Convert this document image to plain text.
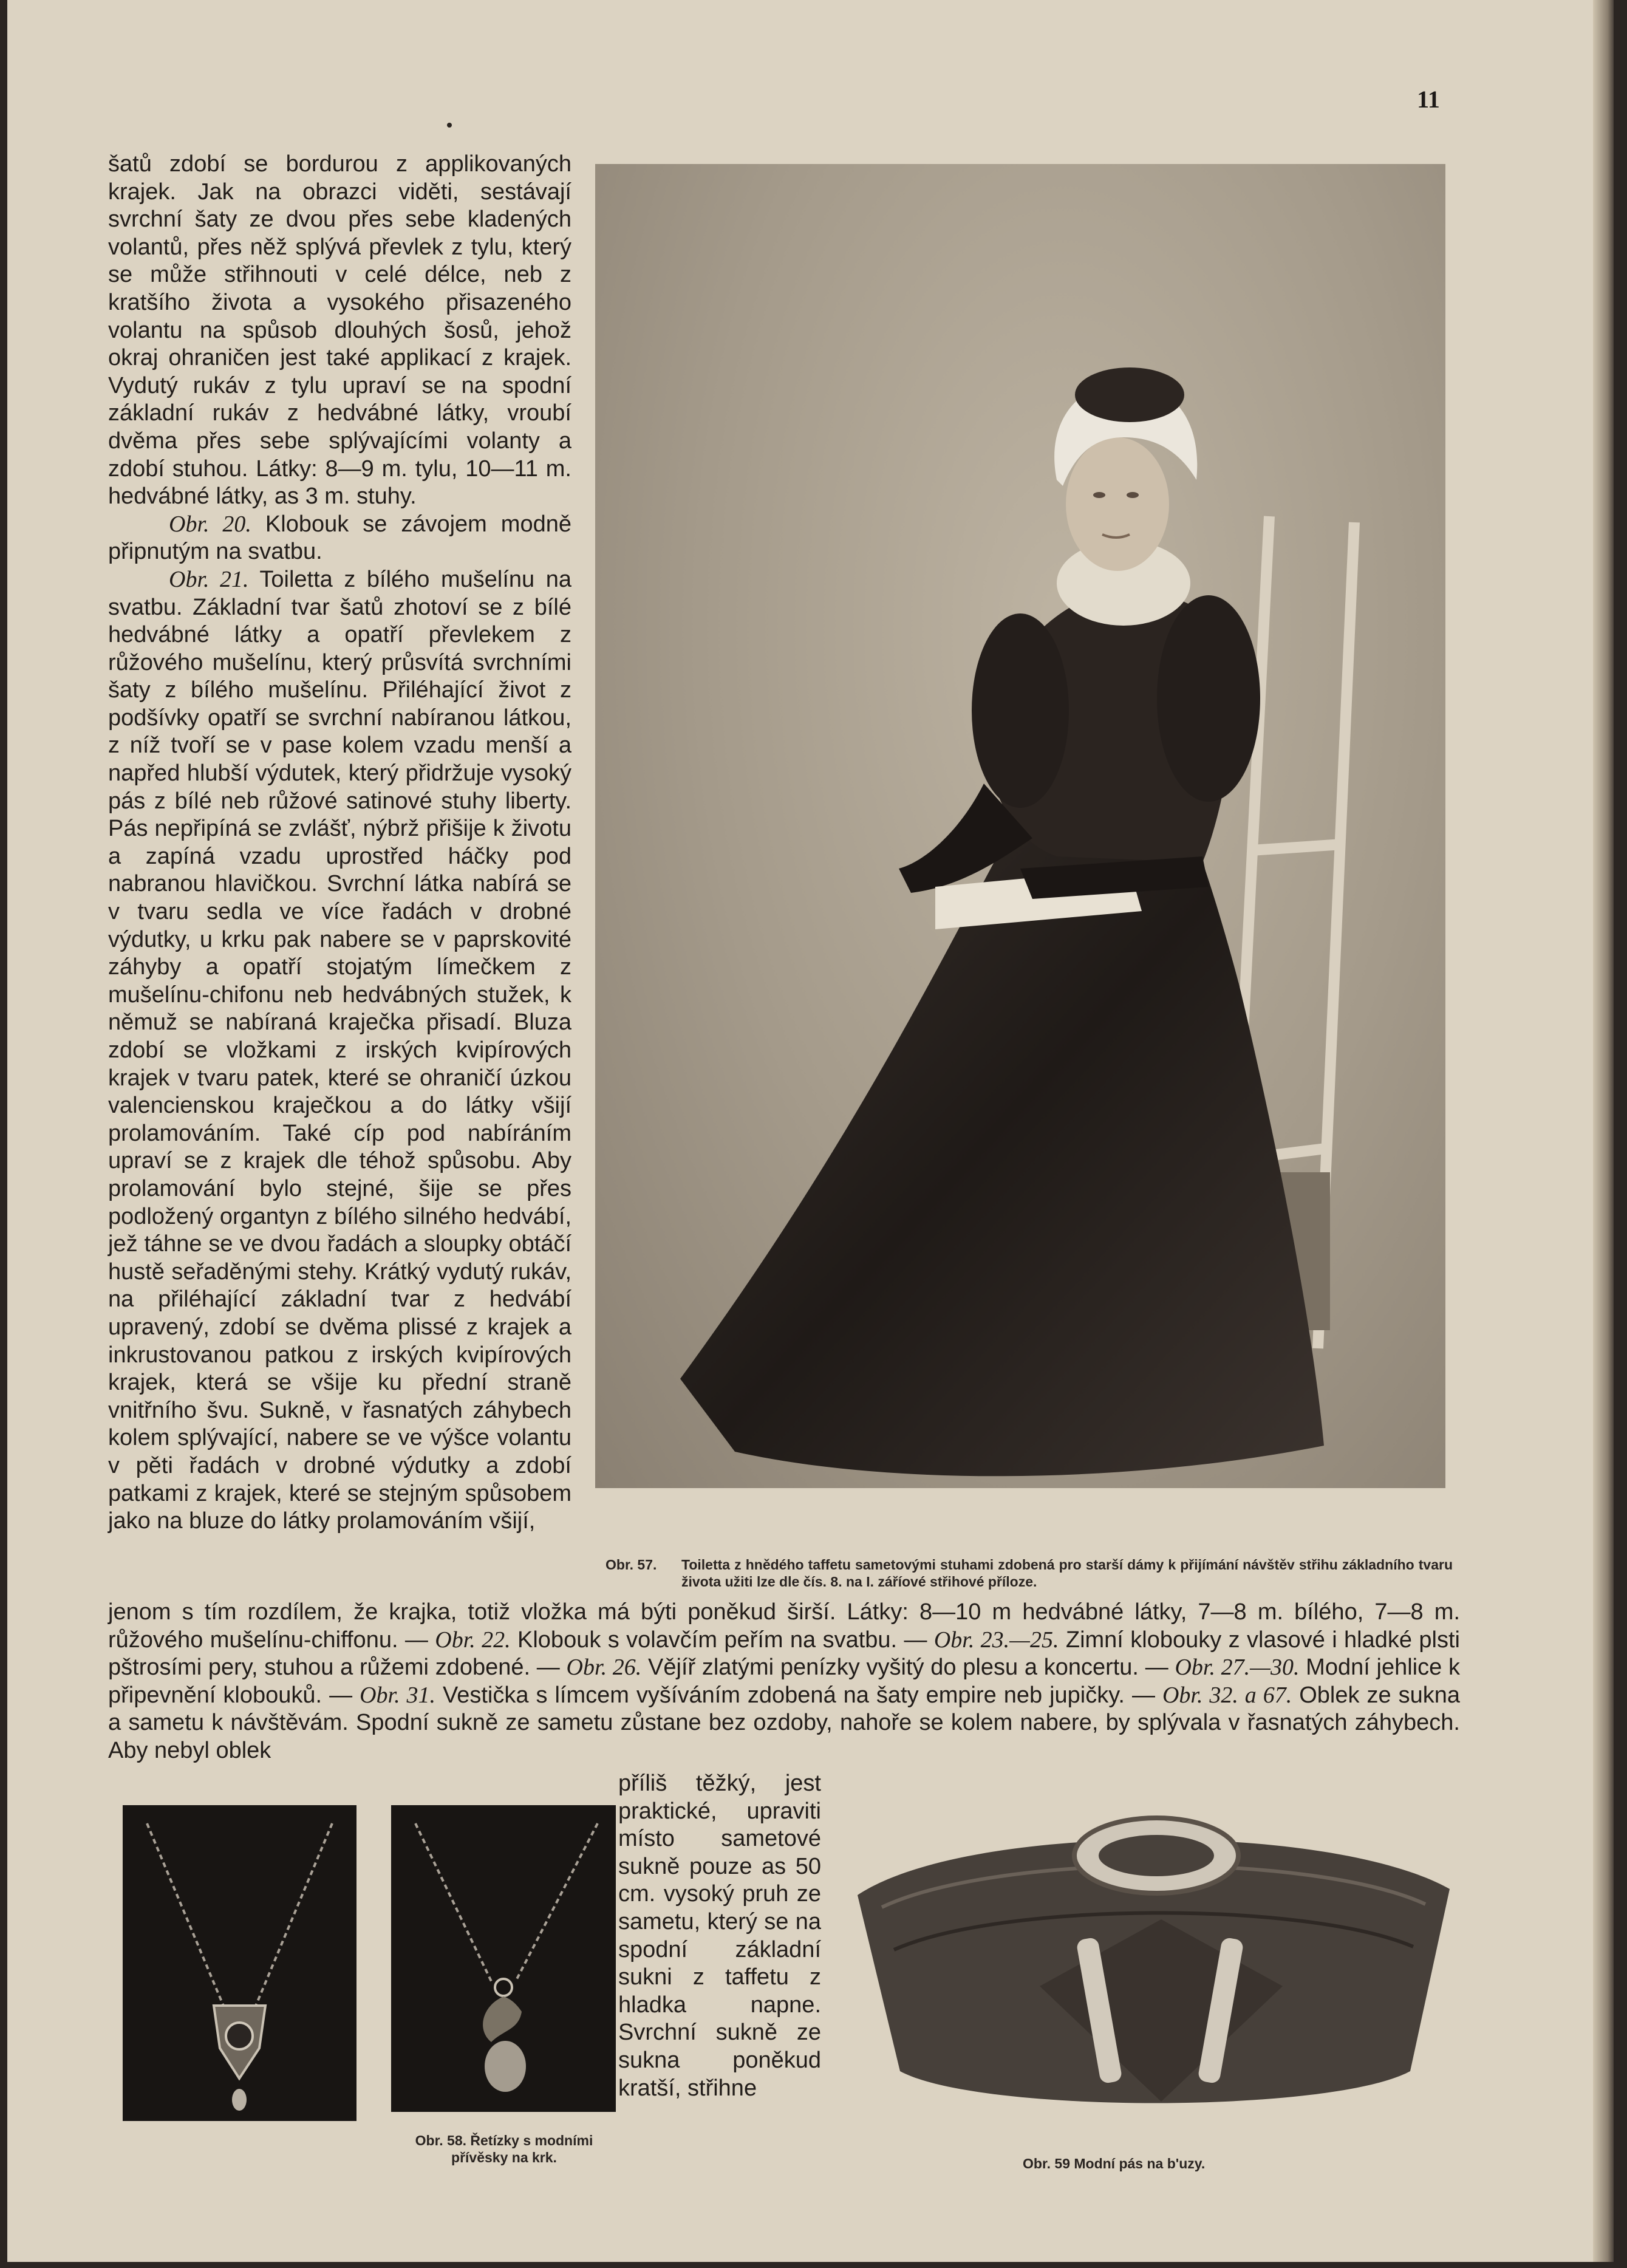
11

šatů zdobí se bordurou z applikovaných krajek. Jak na obrazci viděti, sestávají svrchní šaty ze dvou přes sebe kladených volantů, přes něž splývá převlek z tylu, který se může střihnouti v celé délce, neb z kratšího života a vysokého přisazeného volantu na spůsob dlouhých šosů, jehož okraj ohraničen jest také applikací z krajek. Vydutý rukáv z tylu upraví se na spodní základní rukáv z hedvábné látky, vroubí dvěma přes sebe splývajícími volanty a zdobí stuhou. Látky: 8—9 m. tylu, 10—11 m. hedvábné látky, as 3 m. stuhy.

Obr. 20. Klobouk se závojem modně připnutým na svatbu.

Obr. 21. Toiletta z bílého mušelínu na svatbu. Základní tvar šatů zhotoví se z bílé hedvábné látky a opatří převlekem z růžového mušelínu, který průsvítá svrchními šaty z bílého mušelínu. Přiléhající život z podšívky opatří se svrchní nabíranou látkou, z níž tvoří se v pase kolem vzadu menší a napřed hlubší výdutek, který přidržuje vysoký pás z bílé neb růžové satinové stuhy liberty. Pás nepřipíná se zvlášť, nýbrž přišije k životu a zapíná vzadu uprostřed háčky pod nabranou hlavičkou. Svrchní látka nabírá se v tvaru sedla ve více řadách v drobné výdutky, u krku pak nabere se v paprskovité záhyby a opatří stojatým límečkem z mušelínu-chifonu neb hedvábných stužek, k němuž se nabíraná kraječka přisadí. Bluza zdobí se vložkami z irských kvipírových krajek v tvaru patek, které se ohraničí úzkou valencienskou kraječkou a do látky všijí prolamováním. Také cíp pod nabíráním upraví se z krajek dle téhož spůsobu. Aby prolamování bylo stejné, šije se přes podložený organtyn z bílého silného hedvábí, jež táhne se ve dvou řadách a sloupky obtáčí hustě seřaděnými stehy. Krátký vydutý rukáv, na přiléhající základní tvar z hedvábí upravený, zdobí se dvěma plissé z krajek a inkrustovanou patkou z irských kvipírových krajek, která se všije ku přední straně vnitřního švu. Sukně, v řasnatých záhybech kolem splývající, nabere se ve výšce volantu v pěti řadách v drobné výdutky a zdobí patkami z krajek, které se stejným spůsobem jako na bluze do látky prolamováním všijí,

Obr. 57. Toiletta z hnědého taffetu sametovými stuhami zdobená pro starší dámy k přijímání návštěv střihu základního tvaru života užiti lze dle čís. 8. na I. záříové střihové příloze.
jenom s tím rozdílem, že krajka, totiž vložka má býti poněkud širší. Látky: 8—10 m hedvábné látky, 7—8 m. bílého, 7—8 m. růžového mušelínu-chiffonu. — Obr. 22. Klobouk s volavčím peřím na svatbu. — Obr. 23.—25. Zimní klobouky z vlasové i hladké plsti pštrosími pery, stuhou a růžemi zdobené. — Obr. 26. Vějíř zlatými penízky vyšitý do plesu a koncertu. — Obr. 27.—30. Modní jehlice k připevnění klobouků. — Obr. 31. Vestička s límcem vyšíváním zdobená na šaty empire neb jupičky. — Obr. 32. a 67. Oblek ze sukna a sametu k návštěvám. Spodní sukně ze sametu zůstane bez ozdoby, nahoře se kolem nabere, by splývala v řasnatých záhybech. Aby nebyl oblek
příliš těžký, jest praktické, upraviti místo sametové sukně pouze as 50 cm. vysoký pruh ze sametu, který se na spodní základní sukni z taffetu z hladka napne. Svrchní sukně ze sukna poněkud kratší, střihne
Obr. 58. Řetízky s modními přívěsky na krk.	Obr. 59 Modní pás na b'uzy.
